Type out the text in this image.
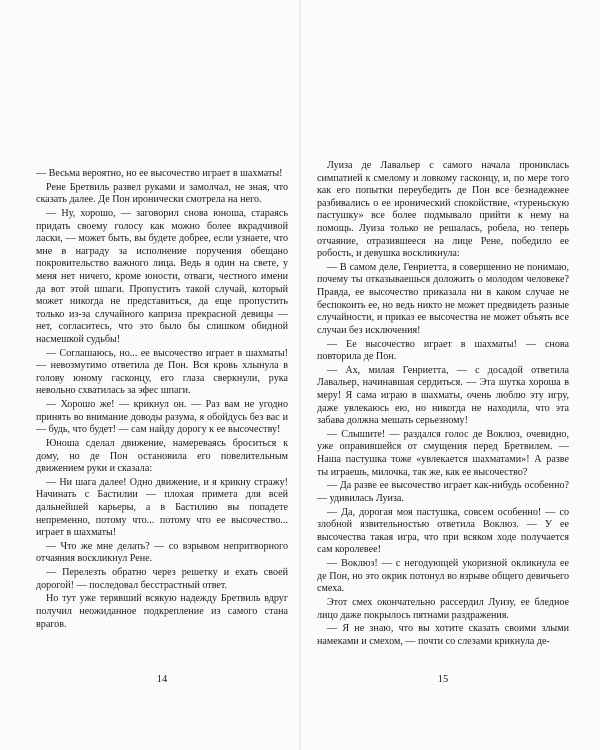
— Весьма вероятно, но ее высочество играет в шахматы!

Рене Бретвиль развел руками и замолчал, не зная, что сказать далее. Де Пон иронически смотрела на него.

— Ну, хорошо, — заговорил снова юноша, стараясь придать своему голосу как можно более вкрадчивой ласки, — может быть, вы будете добрее, если узнаете, что мне в награду за исполнение поручения обещано покровительство важного лица. Ведь я один на свете, у меня нет ничего, кроме юности, отваги, честного имени да вот этой шпаги. Пропустить такой случай, который может никогда не представиться, да еще пропустить только из-за случайного каприза прекрасной девицы — нет, согласитесь, что это было бы слишком обидной насмешкой судьбы!

— Соглашаюсь, но... ее высочество играет в шахматы! — невозмутимо ответила де Пон. Вся кровь хлынула в голову юному гасконцу, его глаза сверкнули, рука невольно схватилась за эфес шпаги.

— Хорошо же! — крикнул он. — Раз вам не угодно принять во внимание доводы разума, я обойдусь без вас и — будь, что будет! — сам найду дорогу к ее высочеству!

Юноша сделал движение, намереваясь броситься к дому, но де Пон остановила его повелительным движением руки и сказала:

— Ни шага далее! Одно движение, и я крикну стражу! Начинать с Бастилии — плохая примета для всей дальнейшей карьеры, а в Бастилию вы попадете непременно, потому что... потому что ее высочество... играет в шахматы!

— Что же мне делать? — со взрывом непритворного отчаяния воскликнул Рене.

— Перелезть обратно через решетку и ехать своей дорогой! — последовал бесстрастный ответ.

Но тут уже терявший всякую надежду Бретвиль вдруг получил неожиданное подкрепление из самого стана врагов.

Луиза де Лавальер с самого начала прониклась симпатией к смелому и ловкому гасконцу, и, по мере того как его попытки переубедить де Пон все безнадежнее разбивались о ее иронический спокойствие, «туреньскую пастушку» все более подмывало прийти к нему на помощь. Луиза только не решалась, робела, но теперь отчаяние, отразившееся на лице Рене, победило ее робость, и девушка воскликнула:

— В самом деле, Генриетта, я совершенно не понимаю, почему ты отказываешься доложить о молодом человеке? Правда, ее высочество приказала ни в каком случае не беспокоить ее, но ведь никто не может предвидеть разные случайности, и приказ ее высочества не может объять все случаи без исключения!

— Ее высочество играет в шахматы! — снова повторила де Пон.

— Ах, милая Генриетта, — с досадой ответила Лавальер, начинавшая сердиться. — Эта шутка хороша в меру! Я сама играю в шахматы, очень люблю эту игру, даже увлекаюсь ею, но никогда не находила, что эта забава должна мешать серьезному!

— Слышите! — раздался голос де Воклюз, очевидно, уже оправившейся от смущения перед Бретвилем. — Наша пастушка тоже «увлекается шахматами»! А разве ты играешь, милочка, так же, как ее высочество?

— Да разве ее высочество играет как-нибудь особенно? — удивилась Луиза.

— Да, дорогая моя пастушка, совсем особенно! — со злобной язвительностью ответила Воклюз. — У ее высочества такая игра, что при всяком ходе получается сам королевее!

— Воклюз! — с негодующей укоризной окликнула ее де Пон, но это окрик потонул во взрыве общего девичьего смеха.

Этот смех окончательно рассердил Луизу, ее бледное лицо даже покрылось пятнами раздражения.

— Я не знаю, что вы хотите сказать своими злыми намеками и смехом, — почти со слезами крикнула де-

14	15
